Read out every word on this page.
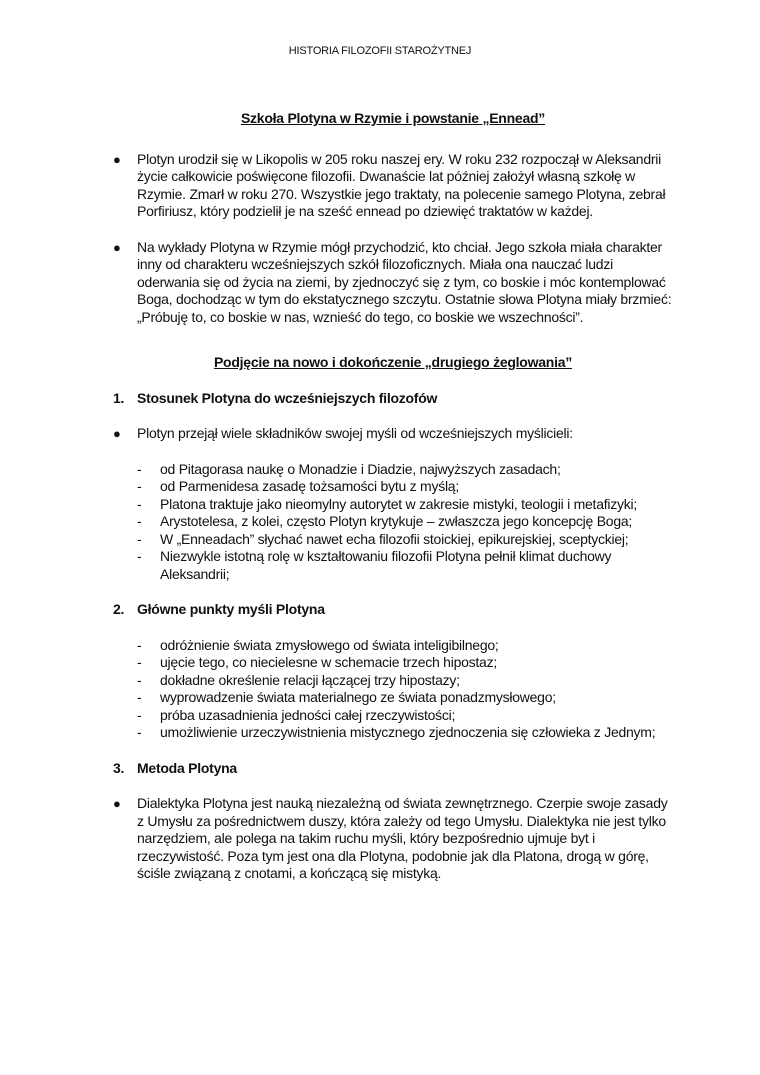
HISTORIA FILOZOFII STAROŻYTNEJ
Szkoła Plotyna w Rzymie i powstanie „Ennead”

● Plotyn urodził się w Likopolis w 205 roku naszej ery. W roku 232 rozpoczął w Aleksandrii życie całkowicie poświęcone filozofii. Dwanaście lat później założył własną szkołę w Rzymie. Zmarł w roku 270. Wszystkie jego traktaty, na polecenie samego Plotyna, zebrał Porfiriusz, który podzielił je na sześć ennead po dziewięć traktatów w każdej.

● Na wykłady Plotyna w Rzymie mógł przychodzić, kto chciał. Jego szkoła miała charakter inny od charakteru wcześniejszych szkół filozoficznych. Miała ona nauczać ludzi oderwania się od życia na ziemi, by zjednoczyć się z tym, co boskie i móc kontemplować Boga, dochodząc w tym do ekstatycznego szczytu. Ostatnie słowa Plotyna miały brzmieć: „Próbuję to, co boskie w nas, wznieść do tego, co boskie we wszechności”.

Podjęcie na nowo i dokończenie „drugiego żeglowania”

1. Stosunek Plotyna do wcześniejszych filozofów

● Plotyn przejął wiele składników swojej myśli od wcześniejszych myślicieli:

- od Pitagorasa naukę o Monadzie i Diadzie, najwyższych zasadach;
- od Parmenidesa zasadę tożsamości bytu z myślą;
- Platona traktuje jako nieomylny autorytet w zakresie mistyki, teologii i metafizyki;
- Arystotelesa, z kolei, często Plotyn krytykuje – zwłaszcza jego koncepcję Boga;
- W „Enneadach” słychać nawet echa filozofii stoickiej, epikurejskiej, sceptyckiej;
- Niezwykle istotną rolę w kształtowaniu filozofii Plotyna pełnił klimat duchowy Aleksandrii;

2. Główne punkty myśli Plotyna

- odróżnienie świata zmysłowego od świata inteligibilnego;
- ujęcie tego, co niecielesne w schemacie trzech hipostaz;
- dokładne określenie relacji łączącej trzy hipostazy;
- wyprowadzenie świata materialnego ze świata ponadzmysłowego;
- próba uzasadnienia jedności całej rzeczywistości;
- umożliwienie urzeczywistnienia mistycznego zjednoczenia się człowieka z Jednym;

3. Metoda Plotyna

● Dialektyka Plotyna jest nauką niezależną od świata zewnętrznego. Czerpie swoje zasady z Umysłu za pośrednictwem duszy, która zależy od tego Umysłu. Dialektyka nie jest tylko narzędziem, ale polega na takim ruchu myśli, który bezpośrednio ujmuje byt i rzeczywistość. Poza tym jest ona dla Plotyna, podobnie jak dla Platona, drogą w górę, ściśle związaną z cnotami, a kończącą się mistyką.
